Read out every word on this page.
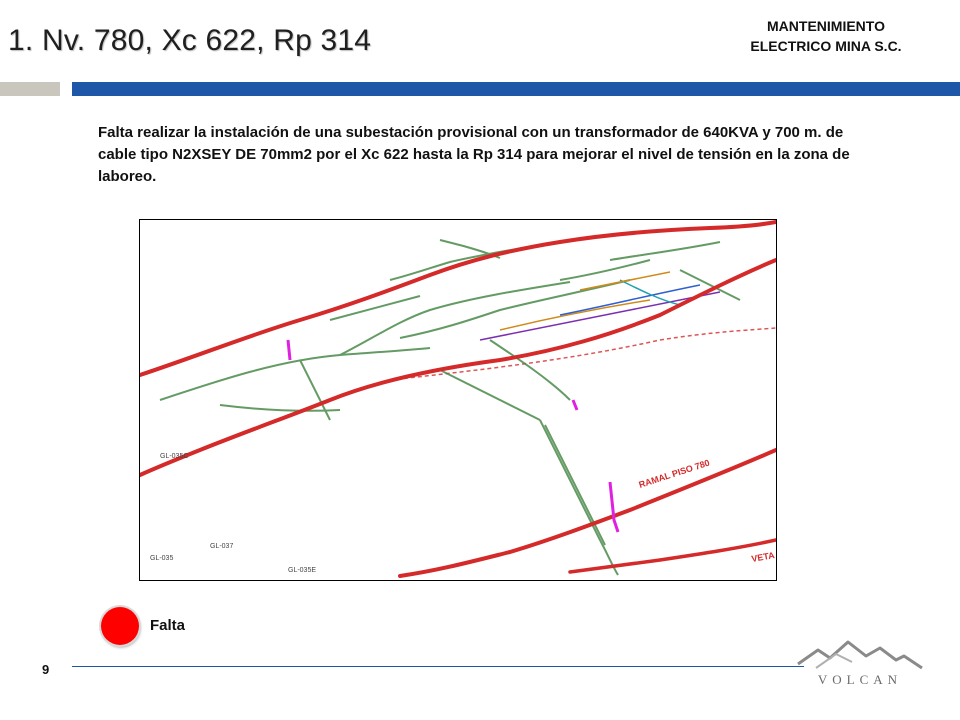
1. Nv. 780, Xc 622, Rp 314	MANTENIMIENTO
ELECTRICO MINA S.C.
Falta realizar la instalación de una subestación provisional con un transformador de 640KVA y 700 m. de cable tipo N2XSEY DE 70mm2 por el Xc 622 hasta la Rp 314 para mejorar el nivel de tensión en la zona de laboreo.
GL-035
GL-037
GL-035E
GL-035C
RAMAL PISO 780
VETA
Falta
9
VOLCAN
